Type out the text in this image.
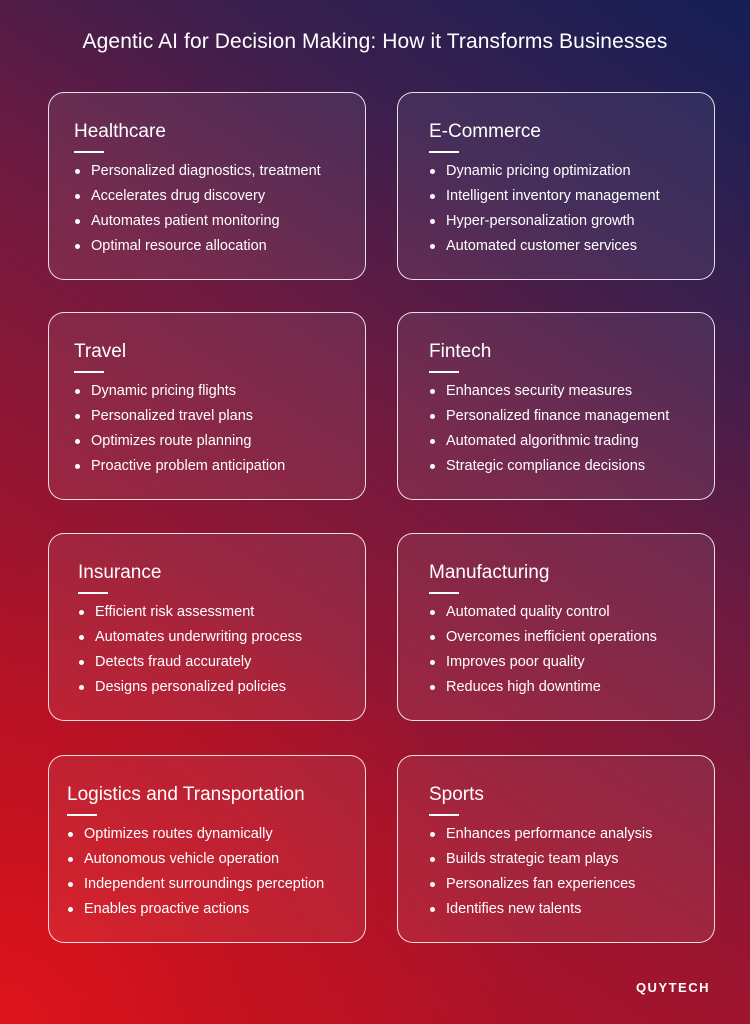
Agentic AI for Decision Making: How it Transforms Businesses
Healthcare
Personalized diagnostics, treatment
Accelerates drug discovery
Automates patient monitoring
Optimal resource allocation
E-Commerce
Dynamic pricing optimization
Intelligent inventory management
Hyper-personalization growth
Automated customer services
Travel
Dynamic pricing flights
Personalized travel plans
Optimizes route planning
Proactive problem anticipation
Fintech
Enhances security measures
Personalized finance management
Automated algorithmic trading
Strategic compliance decisions
Insurance
Efficient risk assessment
Automates underwriting process
Detects fraud accurately
Designs personalized policies
Manufacturing
Automated quality control
Overcomes inefficient operations
Improves poor quality
Reduces high downtime
Logistics and Transportation
Optimizes routes dynamically
Autonomous vehicle operation
Independent surroundings perception
Enables proactive actions
Sports
Enhances performance analysis
Builds strategic team plays
Personalizes fan experiences
Identifies new talents
QUYTECH
